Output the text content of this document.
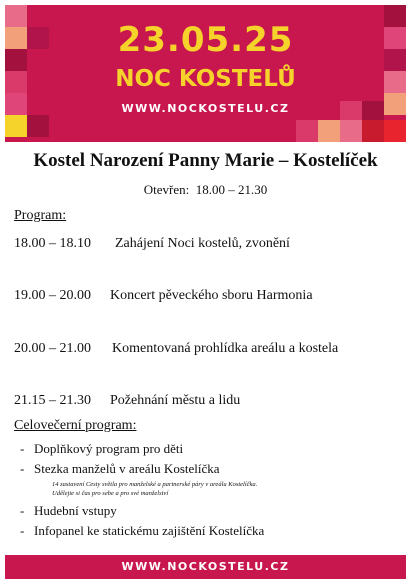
23.05.25
NOC KOSTELŮ
WWW.NOCKOSTELU.CZ
Kostel Narození Panny Marie – Kostelíček
Otevřen:  18.00 – 21.30
Program:
18.00 – 18.10 Zahájení Noci kostelů, zvonění
19.00 – 20.00 Koncert pěveckého sboru Harmonia
20.00 – 21.00 Komentovaná prohlídka areálu a kostela
21.15 – 21.30 Požehnání městu a lidu
Celovečerní program:
- Doplňkový program pro děti
- Stezka manželů v areálu Kostelíčka
14 zastavení Cesty světla pro manželské a partnerské páry v areálu Kostelíčka.
Udělejte si čas pro sebe a pro své manželství
- Hudební vstupy
- Infopanel ke statickému zajištění Kostelíčka
WWW.NOCKOSTELU.CZ
